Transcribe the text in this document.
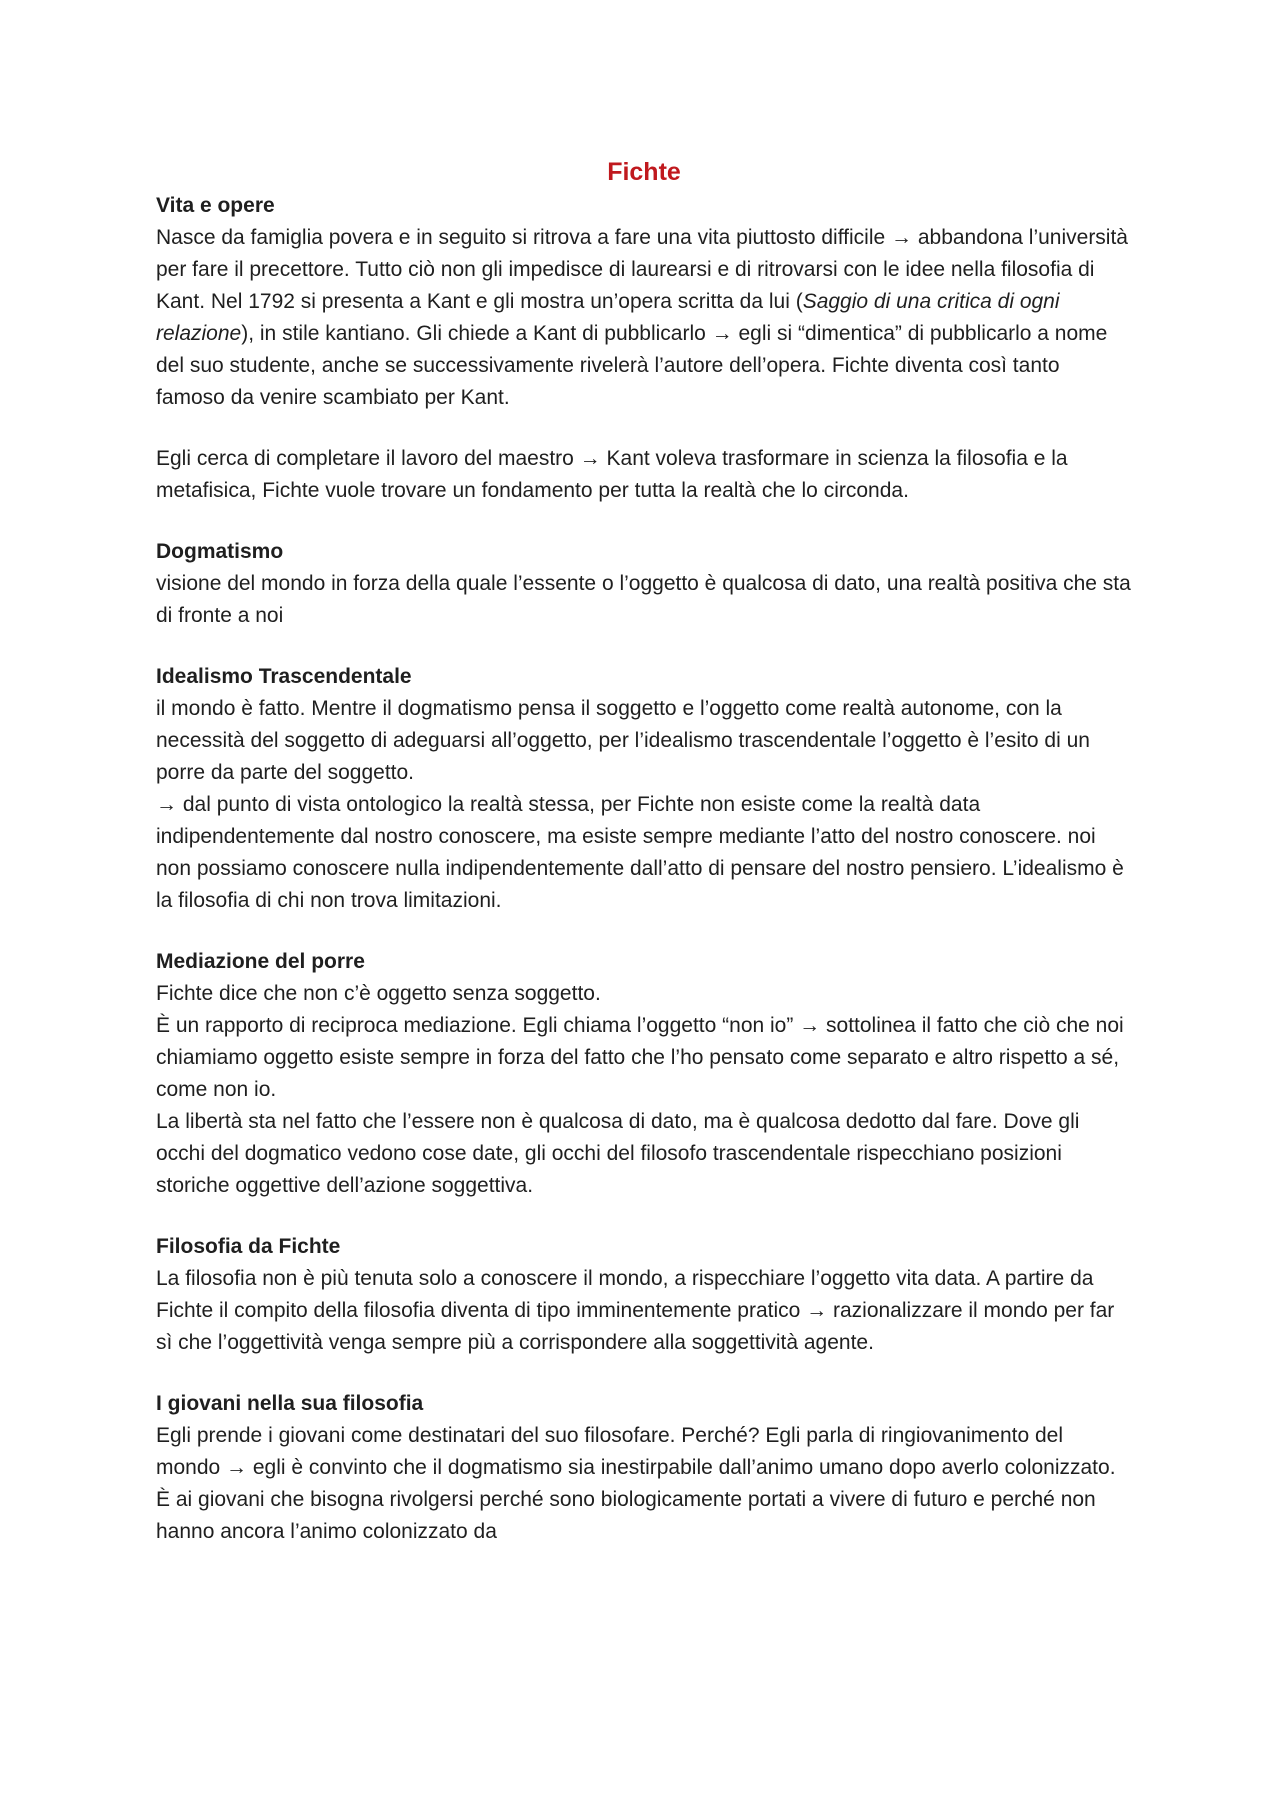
Fichte
Vita e opere

Nasce da famiglia povera e in seguito si ritrova a fare una vita piuttosto difficile → abbandona l’università per fare il precettore. Tutto ciò non gli impedisce di laurearsi e di ritrovarsi con le idee nella filosofia di Kant. Nel 1792 si presenta a Kant e gli mostra un’opera scritta da lui (Saggio di una critica di ogni relazione), in stile kantiano. Gli chiede a Kant di pubblicarlo → egli si “dimentica” di pubblicarlo a nome del suo studente, anche se successivamente rivelerà l’autore dell’opera. Fichte diventa così tanto famoso da venire scambiato per Kant.

Egli cerca di completare il lavoro del maestro → Kant voleva trasformare in scienza la filosofia e la metafisica, Fichte vuole trovare un fondamento per tutta la realtà che lo circonda.

Dogmatismo

visione del mondo in forza della quale l’essente o l’oggetto è qualcosa di dato, una realtà positiva che sta di fronte a noi

Idealismo Trascendentale

il mondo è fatto. Mentre il dogmatismo pensa il soggetto e l’oggetto come realtà autonome, con la necessità del soggetto di adeguarsi all’oggetto, per l’idealismo trascendentale l’oggetto è l’esito di un porre da parte del soggetto.

→ dal punto di vista ontologico la realtà stessa, per Fichte non esiste come la realtà data indipendentemente dal nostro conoscere, ma esiste sempre mediante l’atto del nostro conoscere. noi non possiamo conoscere nulla indipendentemente dall’atto di pensare del nostro pensiero. L’idealismo è la filosofia di chi non trova limitazioni.

Mediazione del porre

Fichte dice che non c’è oggetto senza soggetto.

È un rapporto di reciproca mediazione. Egli chiama l’oggetto “non io” → sottolinea il fatto che ciò che noi chiamiamo oggetto esiste sempre in forza del fatto che l’ho pensato come separato e altro rispetto a sé, come non io.

La libertà sta nel fatto che l’essere non è qualcosa di dato, ma è qualcosa dedotto dal fare. Dove gli occhi del dogmatico vedono cose date, gli occhi del filosofo trascendentale rispecchiano posizioni storiche oggettive dell’azione soggettiva.

Filosofia da Fichte

La filosofia non è più tenuta solo a conoscere il mondo, a rispecchiare l’oggetto vita data. A partire da Fichte il compito della filosofia diventa di tipo imminentemente pratico → razionalizzare il mondo per far sì che l’oggettività venga sempre più a corrispondere alla soggettività agente.

I giovani nella sua filosofia

Egli prende i giovani come destinatari del suo filosofare. Perché? Egli parla di ringiovanimento del mondo → egli è convinto che il dogmatismo sia inestirpabile dall’animo umano dopo averlo colonizzato. È ai giovani che bisogna rivolgersi perché sono biologicamente portati a vivere di futuro e perché non hanno ancora l’animo colonizzato da
